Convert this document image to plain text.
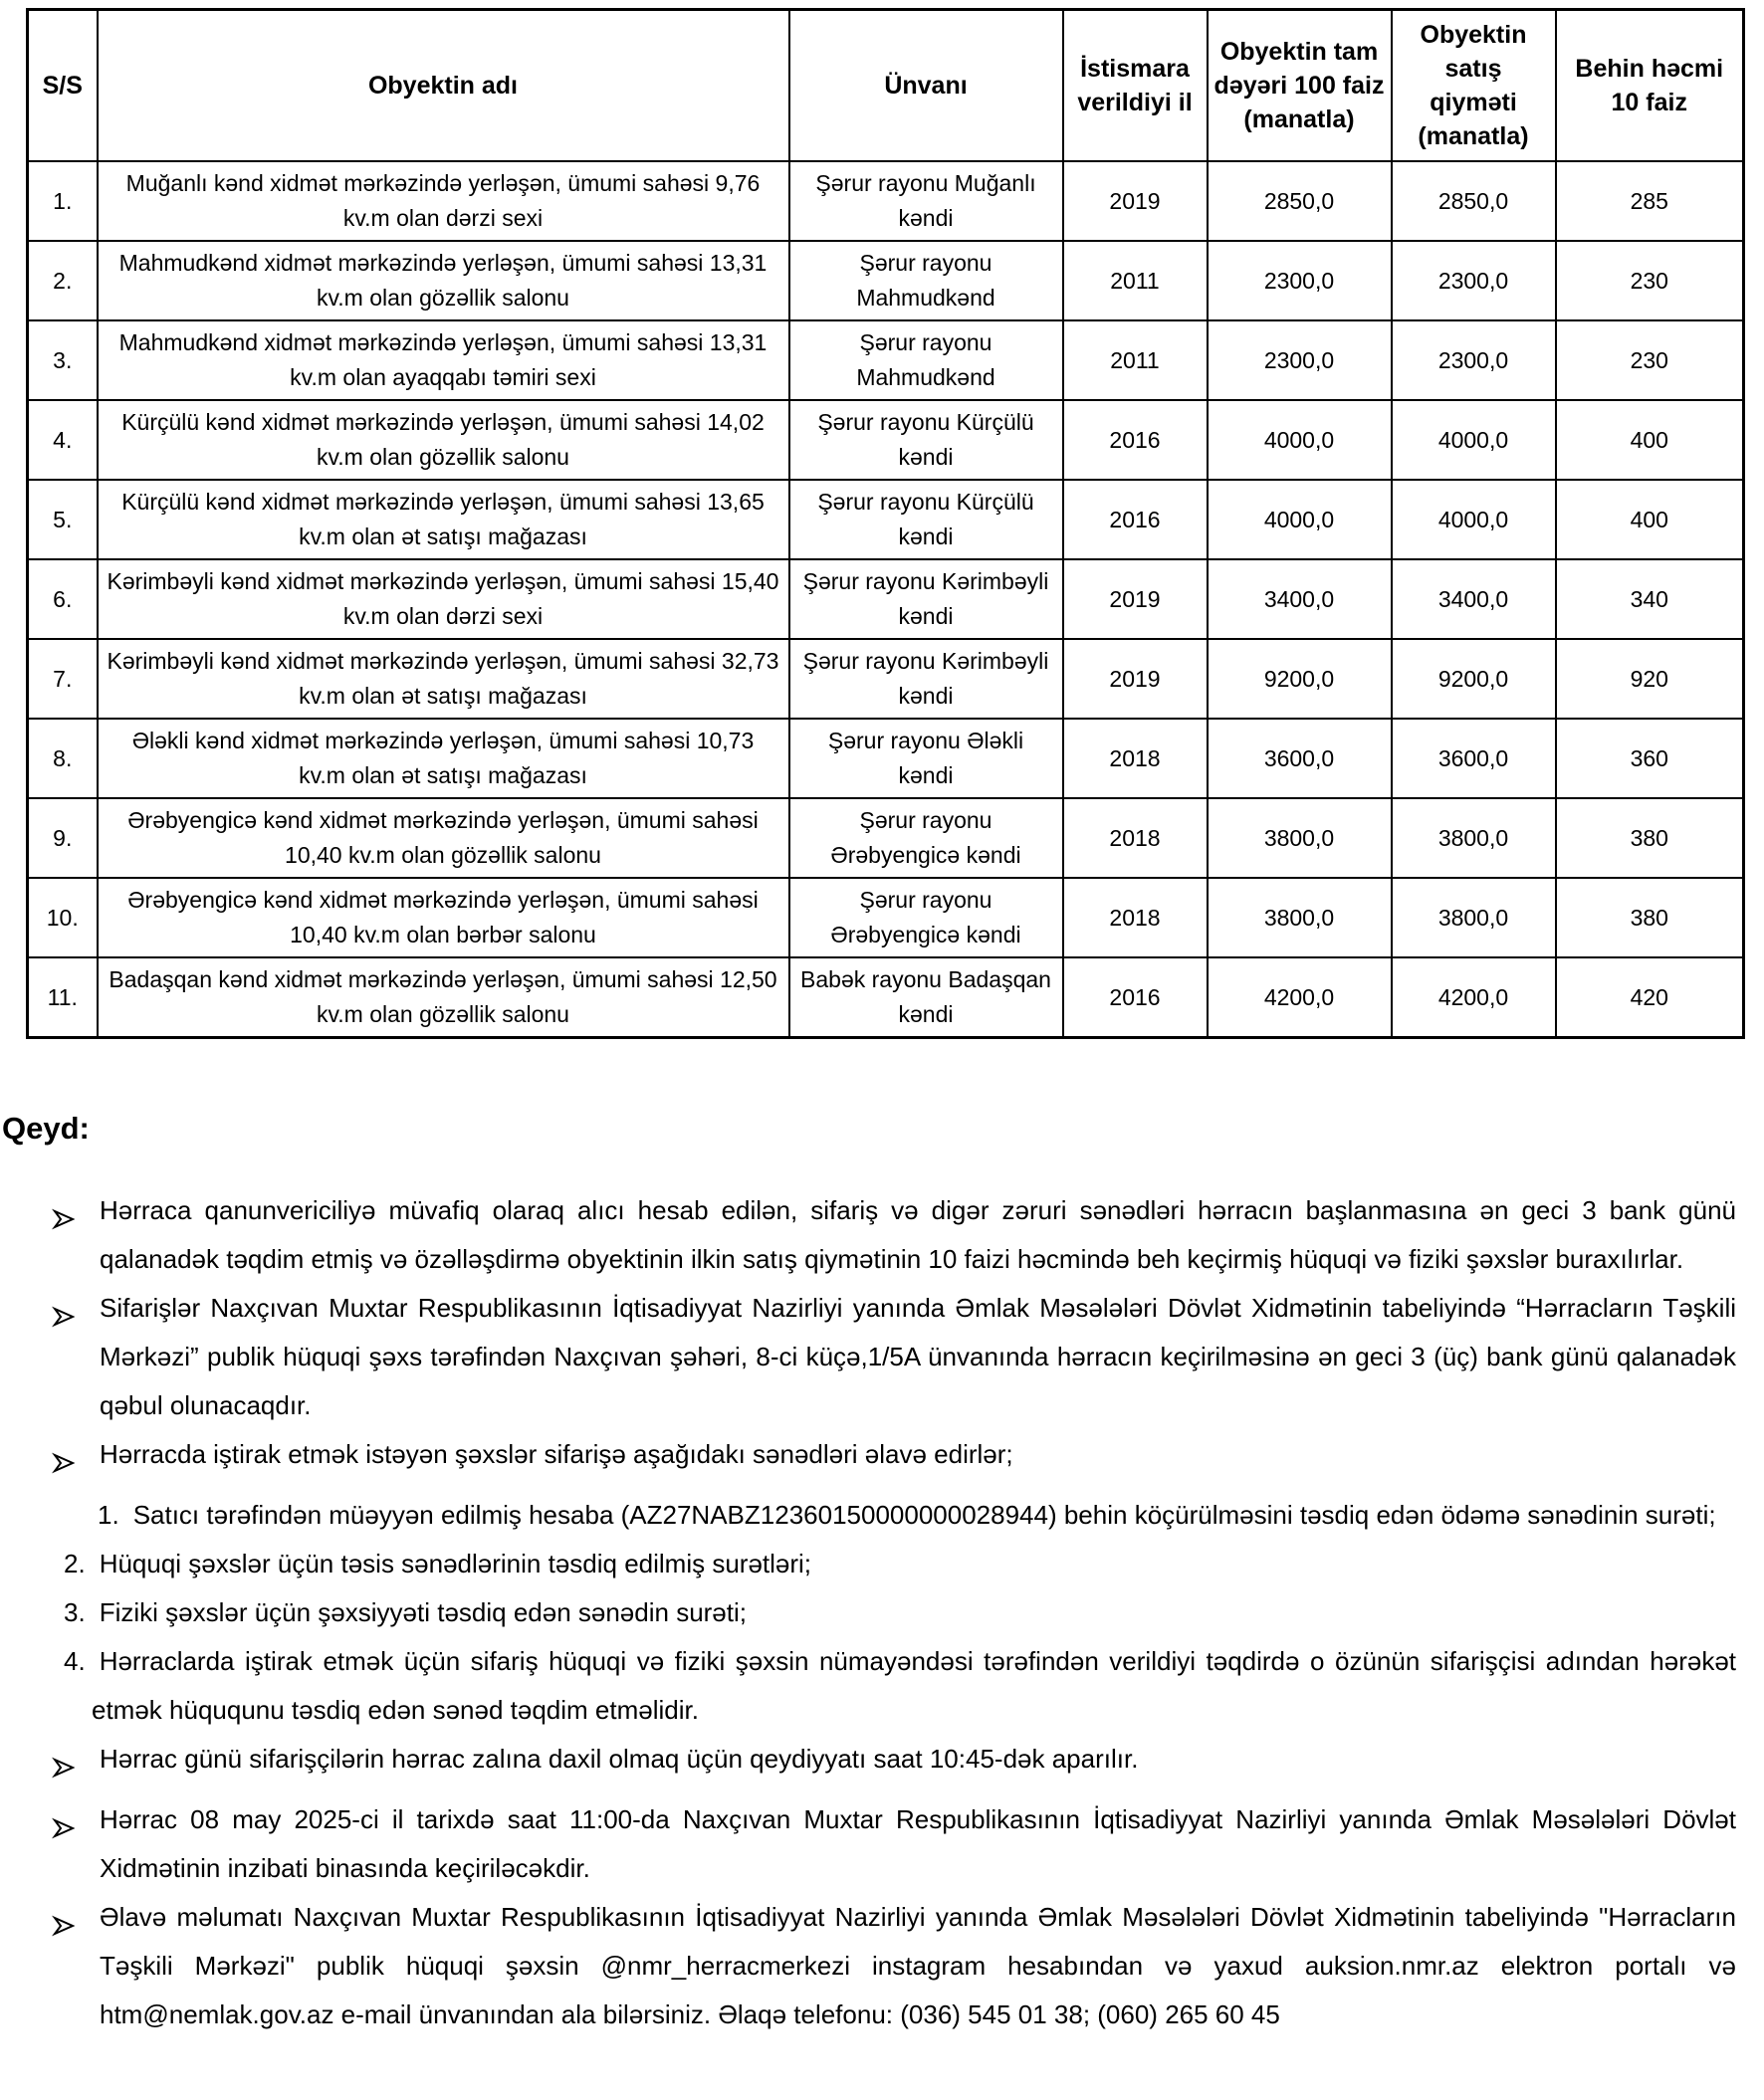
S/S	Obyektin adı	Ünvanı	İstismara verildiyi il	Obyektin tam dəyəri 100 faiz (manatla)	Obyektin satış qiyməti (manatla)	Behin həcmi 10 faiz
1.	Muğanlı kənd xidmət mərkəzində yerləşən, ümumi sahəsi 9,76 kv.m olan dərzi sexi	Şərur rayonu Muğanlı kəndi	2019	2850,0	2850,0	285
2.	Mahmudkənd xidmət mərkəzində yerləşən, ümumi sahəsi 13,31 kv.m olan gözəllik salonu	Şərur rayonu Mahmudkənd	2011	2300,0	2300,0	230
3.	Mahmudkənd xidmət mərkəzində yerləşən, ümumi sahəsi 13,31 kv.m olan ayaqqabı təmiri sexi	Şərur rayonu Mahmudkənd	2011	2300,0	2300,0	230
4.	Kürçülü kənd xidmət mərkəzində yerləşən, ümumi sahəsi 14,02 kv.m olan gözəllik salonu	Şərur rayonu Kürçülü kəndi	2016	4000,0	4000,0	400
5.	Kürçülü kənd xidmət mərkəzində yerləşən, ümumi sahəsi 13,65 kv.m olan ət satışı mağazası	Şərur rayonu Kürçülü kəndi	2016	4000,0	4000,0	400
6.	Kərimbəyli kənd xidmət mərkəzində yerləşən, ümumi sahəsi 15,40 kv.m olan dərzi sexi	Şərur rayonu Kərimbəyli kəndi	2019	3400,0	3400,0	340
7.	Kərimbəyli kənd xidmət mərkəzində yerləşən, ümumi sahəsi 32,73 kv.m olan ət satışı mağazası	Şərur rayonu Kərimbəyli kəndi	2019	9200,0	9200,0	920
8.	Ələkli kənd xidmət mərkəzində yerləşən, ümumi sahəsi 10,73 kv.m olan ət satışı mağazası	Şərur rayonu Ələkli kəndi	2018	3600,0	3600,0	360
9.	Ərəbyengicə kənd xidmət mərkəzində yerləşən, ümumi sahəsi 10,40 kv.m olan gözəllik salonu	Şərur rayonu Ərəbyengicə kəndi	2018	3800,0	3800,0	380
10.	Ərəbyengicə kənd xidmət mərkəzində yerləşən, ümumi sahəsi 10,40 kv.m olan bərbər salonu	Şərur rayonu Ərəbyengicə kəndi	2018	3800,0	3800,0	380
11.	Badaşqan kənd xidmət mərkəzində yerləşən, ümumi sahəsi 12,50 kv.m olan gözəllik salonu	Babək rayonu Badaşqan kəndi	2016	4200,0	4200,0	420
Qeyd:
Hərraca qanunvericiliyə müvafiq olaraq alıcı hesab edilən, sifariş və digər zəruri sənədləri hərracın başlanmasına ən geci 3 bank günü qalanadək təqdim etmiş və özəlləşdirmə obyektinin ilkin satış qiymətinin 10 faizi həcmində beh keçirmiş hüquqi və fiziki şəxslər buraxılırlar.
Sifarişlər Naxçıvan Muxtar Respublikasının İqtisadiyyat Nazirliyi yanında Əmlak Məsələləri Dövlət Xidmətinin tabeliyində “Hərracların Təşkili Mərkəzi” publik hüquqi şəxs tərəfindən Naxçıvan şəhəri, 8-ci küçə,1/5A ünvanında hərracın keçirilməsinə ən geci 3 (üç) bank günü qalanadək qəbul olunacaqdır.
Hərracda iştirak etmək istəyən şəxslər sifarişə aşağıdakı sənədləri əlavə edirlər;
1. Satıcı tərəfindən müəyyən edilmiş hesaba (AZ27NABZ12360150000000028944) behin köçürülməsini təsdiq edən ödəmə sənədinin surəti;
2. Hüquqi şəxslər üçün təsis sənədlərinin təsdiq edilmiş surətləri;
3. Fiziki şəxslər üçün şəxsiyyəti təsdiq edən sənədin surəti;
4. Hərraclarda iştirak etmək üçün sifariş hüquqi və fiziki şəxsin nümayəndəsi tərəfindən verildiyi təqdirdə o özünün sifarişçisi adından hərəkət etmək hüququnu təsdiq edən sənəd təqdim etməlidir.
Hərrac günü sifarişçilərin hərrac zalına daxil olmaq üçün qeydiyyatı saat 10:45-dək aparılır.
Hərrac 08 may 2025-ci il tarixdə saat 11:00-da Naxçıvan Muxtar Respublikasının İqtisadiyyat Nazirliyi yanında Əmlak Məsələləri Dövlət Xidmətinin inzibati binasında keçiriləcəkdir.
Əlavə məlumatı Naxçıvan Muxtar Respublikasının İqtisadiyyat Nazirliyi yanında Əmlak Məsələləri Dövlət Xidmətinin tabeliyində "Hərracların Təşkili Mərkəzi" publik hüquqi şəxsin @nmr_herracmerkezi instagram hesabından və yaxud auksion.nmr.az elektron portalı və htm@nemlak.gov.az e-mail ünvanından ala bilərsiniz. Əlaqə telefonu: (036) 545 01 38; (060) 265 60 45
